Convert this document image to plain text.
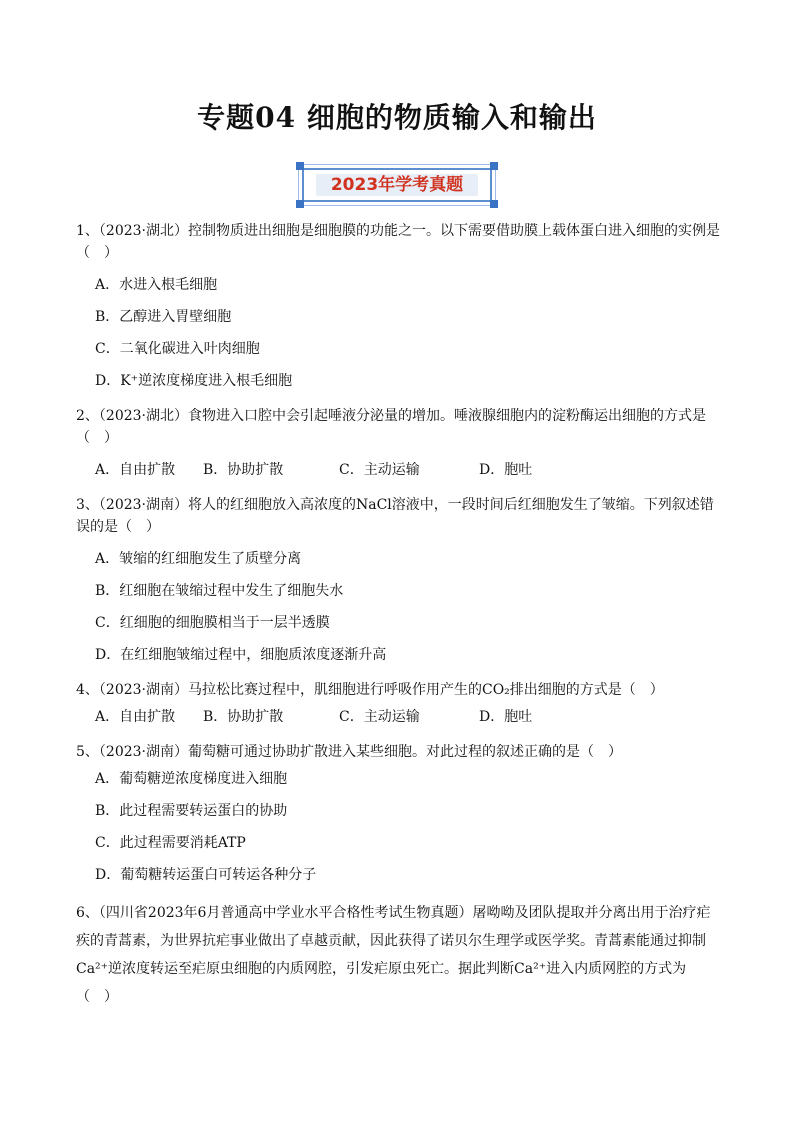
专题04 细胞的物质输入和输出
2023年学考真题

1、（2023·湖北）控制物质进出细胞是细胞膜的功能之一。以下需要借助膜上载体蛋白进入细胞的实例是（　）

A．水进入根毛细胞
B．乙醇进入胃壁细胞
C．二氧化碳进入叶肉细胞
D．K⁺逆浓度梯度进入根毛细胞

2、（2023·湖北）食物进入口腔中会引起唾液分泌量的增加。唾液腺细胞内的淀粉酶运出细胞的方式是（　）

A．自由扩散	B．协助扩散	C．主动运输	D．胞吐

3、（2023·湖南）将人的红细胞放入高浓度的NaCl溶液中，一段时间后红细胞发生了皱缩。下列叙述错误的是（　）

A．皱缩的红细胞发生了质壁分离
B．红细胞在皱缩过程中发生了细胞失水
C．红细胞的细胞膜相当于一层半透膜
D．在红细胞皱缩过程中，细胞质浓度逐渐升高

4、（2023·湖南）马拉松比赛过程中，肌细胞进行呼吸作用产生的CO₂排出细胞的方式是（　）

A．自由扩散	B．协助扩散	C．主动运输	D．胞吐

5、（2023·湖南）葡萄糖可通过协助扩散进入某些细胞。对此过程的叙述正确的是（　）

A．葡萄糖逆浓度梯度进入细胞
B．此过程需要转运蛋白的协助
C．此过程需要消耗ATP
D．葡萄糖转运蛋白可转运各种分子

6、（四川省2023年6月普通高中学业水平合格性考试生物真题）屠呦呦及团队提取并分离出用于治疗疟疾的青蒿素，为世界抗疟事业做出了卓越贡献，因此获得了诺贝尔生理学或医学奖。青蒿素能通过抑制Ca²⁺逆浓度转运至疟原虫细胞的内质网腔，引发疟原虫死亡。据此判断Ca²⁺进入内质网腔的方式为（　）
